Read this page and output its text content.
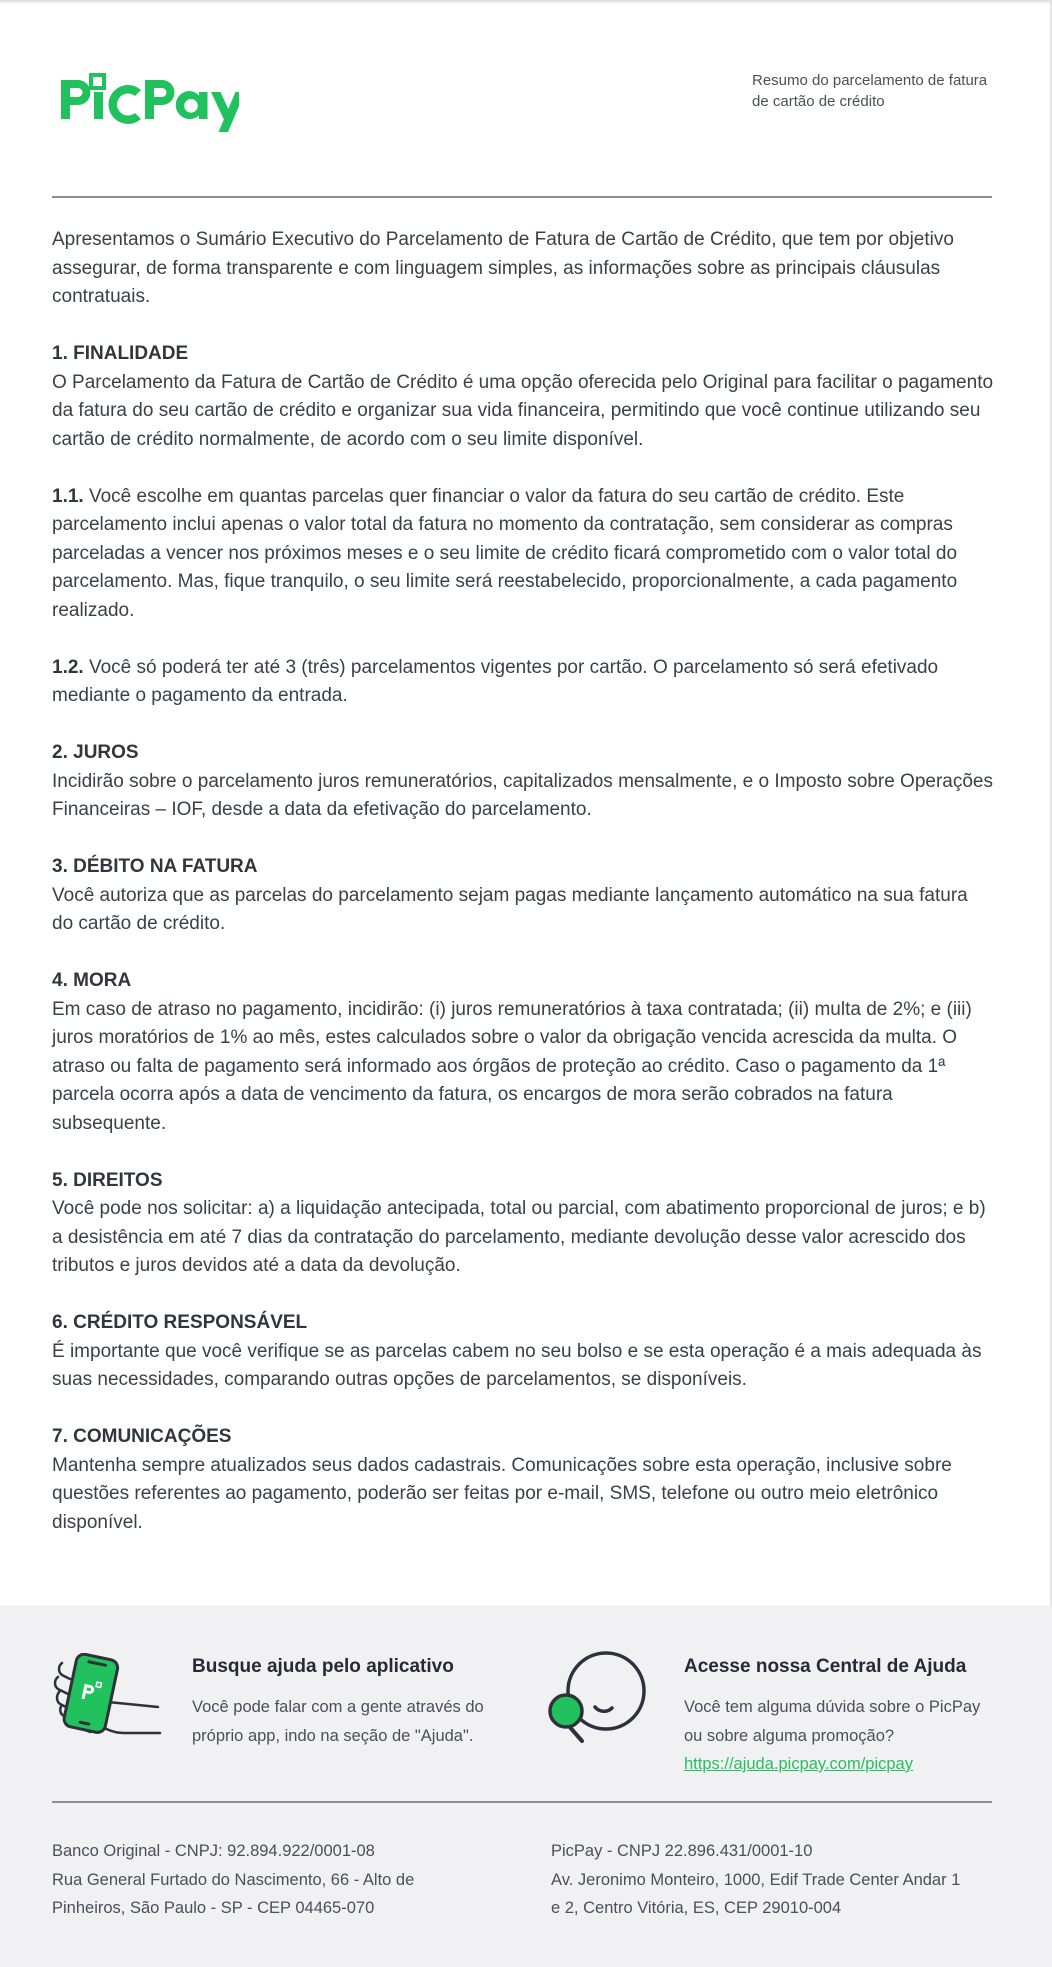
Resumo do parcelamento de fatura de cartão de crédito

Apresentamos o Sumário Executivo do Parcelamento de Fatura de Cartão de Crédito, que tem por objetivo assegurar, de forma transparente e com linguagem simples, as informações sobre as principais cláusulas contratuais.

1. FINALIDADE
O Parcelamento da Fatura de Cartão de Crédito é uma opção oferecida pelo Original para facilitar o pagamento da fatura do seu cartão de crédito e organizar sua vida financeira, permitindo que você continue utilizando seu cartão de crédito normalmente, de acordo com o seu limite disponível.

1.1. Você escolhe em quantas parcelas quer financiar o valor da fatura do seu cartão de crédito. Este parcelamento inclui apenas o valor total da fatura no momento da contratação, sem considerar as compras parceladas a vencer nos próximos meses e o seu limite de crédito ficará comprometido com o valor total do parcelamento. Mas, fique tranquilo, o seu limite será reestabelecido, proporcionalmente, a cada pagamento realizado.

1.2. Você só poderá ter até 3 (três) parcelamentos vigentes por cartão. O parcelamento só será efetivado mediante o pagamento da entrada.

2. JUROS
Incidirão sobre o parcelamento juros remuneratórios, capitalizados mensalmente, e o Imposto sobre Operações Financeiras – IOF, desde a data da efetivação do parcelamento.

3. DÉBITO NA FATURA
Você autoriza que as parcelas do parcelamento sejam pagas mediante lançamento automático na sua fatura do cartão de crédito.

4. MORA
Em caso de atraso no pagamento, incidirão: (i) juros remuneratórios à taxa contratada; (ii) multa de 2%; e (iii) juros moratórios de 1% ao mês, estes calculados sobre o valor da obrigação vencida acrescida da multa. O atraso ou falta de pagamento será informado aos órgãos de proteção ao crédito. Caso o pagamento da 1ª parcela ocorra após a data de vencimento da fatura, os encargos de mora serão cobrados na fatura subsequente.

5. DIREITOS
Você pode nos solicitar: a) a liquidação antecipada, total ou parcial, com abatimento proporcional de juros; e b) a desistência em até 7 dias da contratação do parcelamento, mediante devolução desse valor acrescido dos tributos e juros devidos até a data da devolução.

6. CRÉDITO RESPONSÁVEL
É importante que você verifique se as parcelas cabem no seu bolso e se esta operação é a mais adequada às suas necessidades, comparando outras opções de parcelamentos, se disponíveis.

7. COMUNICAÇÕES
Mantenha sempre atualizados seus dados cadastrais. Comunicações sobre esta operação, inclusive sobre questões referentes ao pagamento, poderão ser feitas por e-mail, SMS, telefone ou outro meio eletrônico disponível.

Busque ajuda pelo aplicativo

Você pode falar com a gente através do próprio app, indo na seção de "Ajuda".

Acesse nossa Central de Ajuda

Você tem alguma dúvida sobre o PicPay ou sobre alguma promoção?

https://ajuda.picpay.com/picpay

Banco Original - CNPJ: 92.894.922/0001-08
Rua General Furtado do Nascimento, 66 - Alto de
Pinheiros, São Paulo - SP - CEP 04465-070
PicPay - CNPJ 22.896.431/0001-10
Av. Jeronimo Monteiro, 1000, Edif Trade Center Andar 1
e 2, Centro Vitória, ES, CEP 29010-004
